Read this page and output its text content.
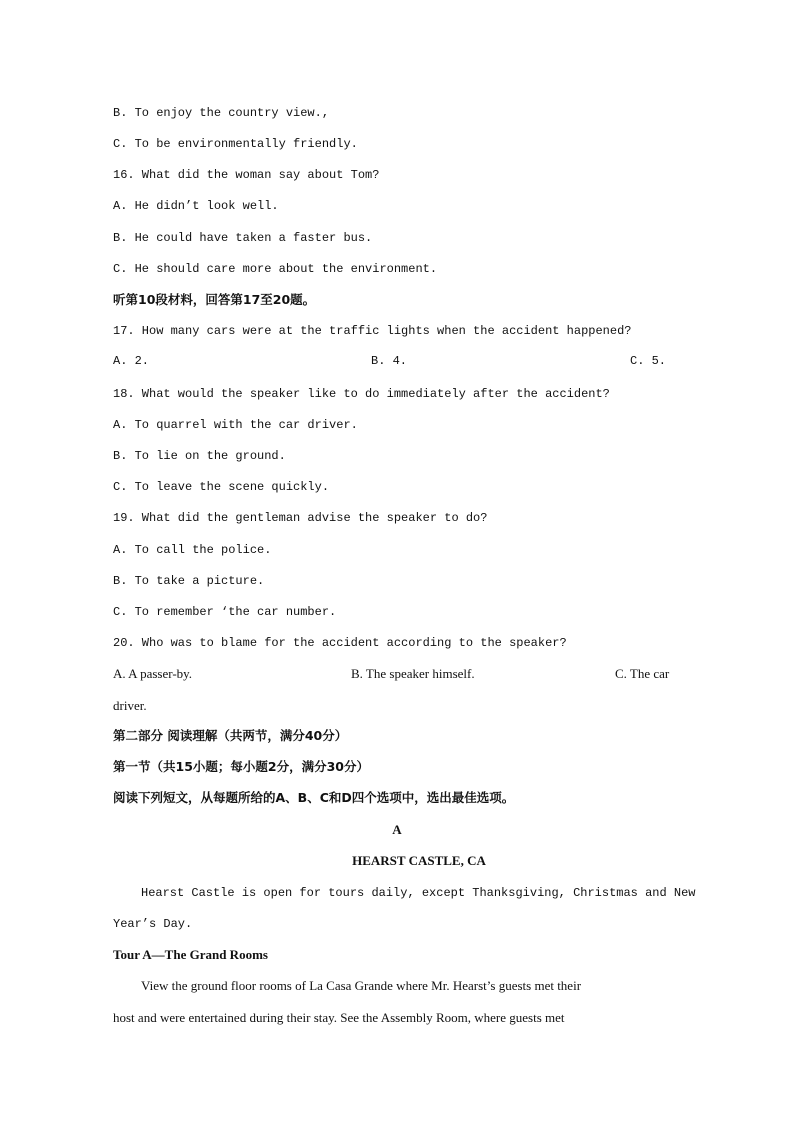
B. To enjoy the country view.,
C. To be environmentally friendly.
16. What did the woman say about Tom?
A. He didn’t look well.
B. He could have taken a faster bus.
C. He should care more about the environment.
听第10段材料，回答第17至20题。
17. How many cars were at the traffic lights when the accident happened?
A. 2.	B. 4.	C. 5.
18. What would the speaker like to do immediately after the accident?
A. To quarrel with the car driver.
B. To lie on the ground.
C. To leave the scene quickly.
19. What did the gentleman advise the speaker to do?
A. To call the police.
B. To take a picture.
C. To remember ‘the car number.
20. Who was to blame for the accident according to the speaker?
A. A passer-by.	B. The speaker himself.	C. The car
driver.
第二部分 阅读理解（共两节，满分40分）
第一节（共15小题；每小题2分，满分30分）
阅读下列短文，从每题所给的A、B、C和D四个选项中，选出最佳选项。
A
HEARST CASTLE, CA
Hearst Castle is open for tours daily, except Thanksgiving, Christmas and New
Year’s Day.
Tour A—The Grand Rooms
View the ground floor rooms of La Casa Grande where Mr. Hearst’s guests met their
host and were entertained during their stay. See the Assembly Room, where guests met
